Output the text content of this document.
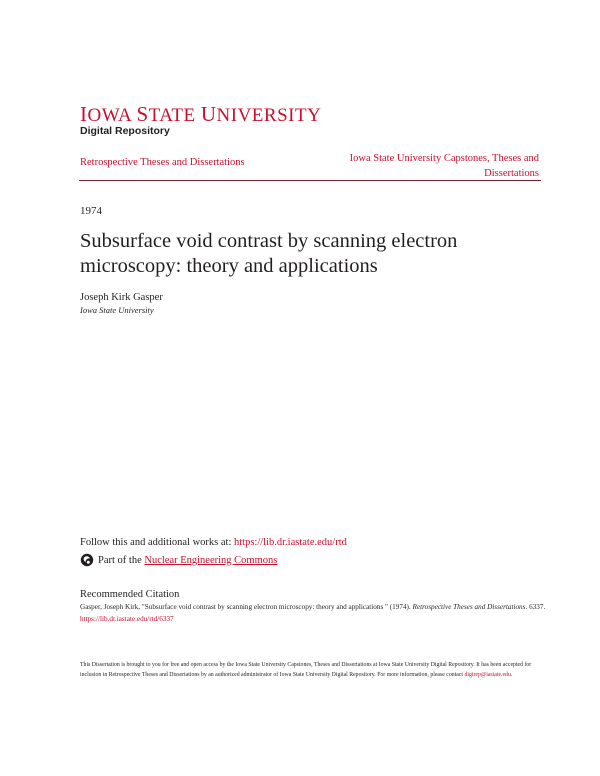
IOWA STATE UNIVERSITY
Digital Repository
Retrospective Theses and Dissertations	Iowa State University Capstones, Theses and Dissertations
1974
Subsurface void contrast by scanning electron microscopy: theory and applications
Joseph Kirk Gasper
Iowa State University
Follow this and additional works at: https://lib.dr.iastate.edu/rtd
Part of the
Nuclear Engineering Commons
Recommended Citation
Gasper, Joseph Kirk, "Subsurface void contrast by scanning electron microscopy: theory and applications " (1974). Retrospective Theses and Dissertations. 6337.
https://lib.dr.iastate.edu/rtd/6337
This Dissertation is brought to you for free and open access by the Iowa State University Capstones, Theses and Dissertations at Iowa State University Digital Repository. It has been accepted for inclusion in Retrospective Theses and Dissertations by an authorized administrator of Iowa State University Digital Repository. For more information, please contact digirep@iastate.edu.
